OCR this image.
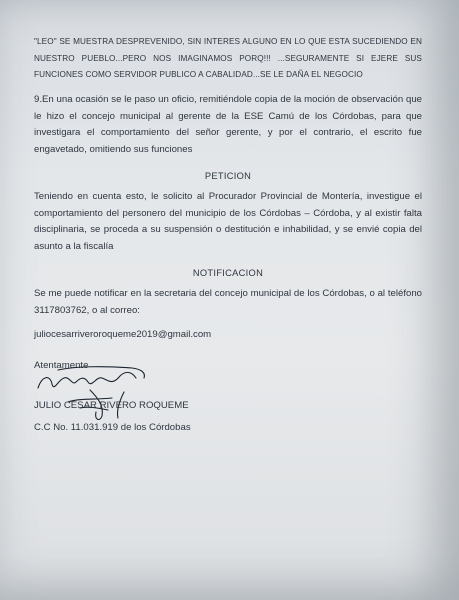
"LEO" SE MUESTRA DESPREVENIDO, SIN INTERES ALGUNO EN LO QUE ESTA SUCEDIENDO EN NUESTRO PUEBLO...PERO NOS IMAGINAMOS PORQ!!! ...SEGURAMENTE SI EJERE SUS FUNCIONES COMO SERVIDOR PUBLICO A CABALIDAD...SE LE DAÑA EL NEGOCIO

9.En una ocasión se le paso un oficio, remitiéndole copia de la moción de observación que le hizo el concejo municipal al gerente de la ESE Camú de los Córdobas, para que investigara el comportamiento del señor gerente, y por el contrario, el escrito fue engavetado, omitiendo sus funciones

PETICION

Teniendo en cuenta esto, le solicito al Procurador Provincial de Montería, investigue el comportamiento del personero del municipio de los Córdobas – Córdoba, y al existir falta disciplinaria, se proceda a su suspensión o destitución e inhabilidad, y se envié copia del asunto a la fiscalía

NOTIFICACION

Se me puede notificar en la secretaria del concejo municipal de los Córdobas, o al teléfono 3117803762, o al correo:

juliocesarriveroroqueme2019@gmail.com

Atentamente

JULIO CESAR RIVERO ROQUEME

C.C No. 11.031.919 de los Córdobas
